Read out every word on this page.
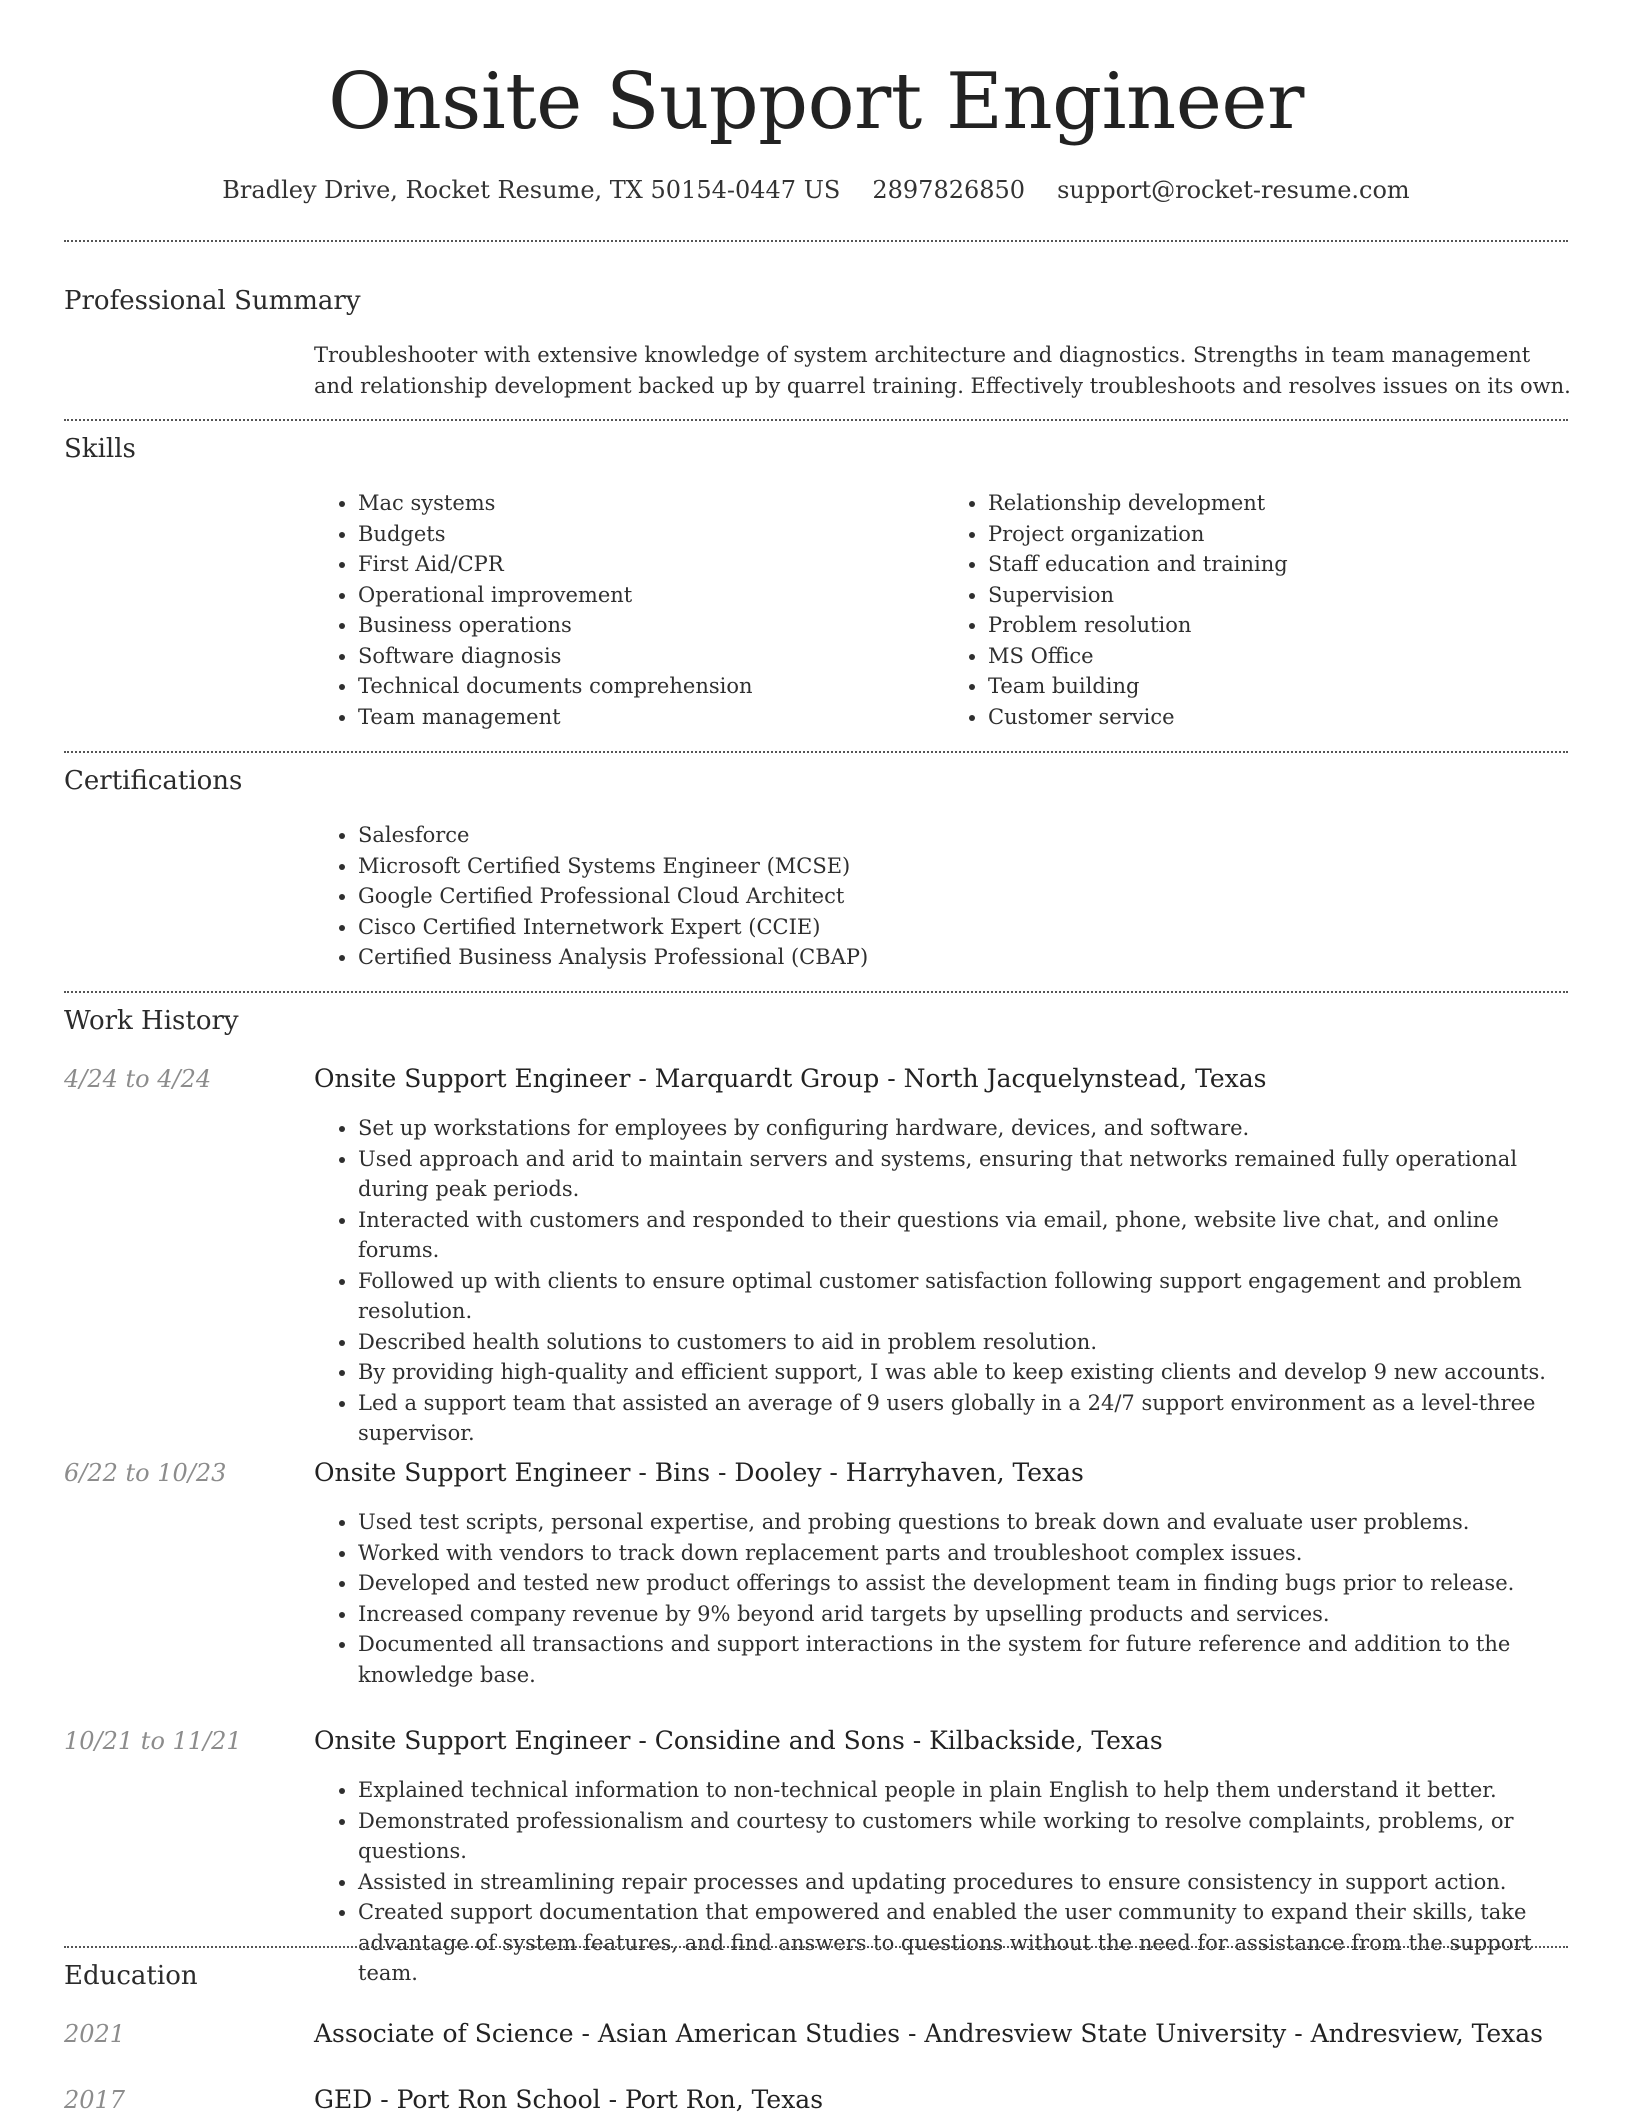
Onsite Support Engineer
Bradley Drive, Rocket Resume, TX 50154-0447 US 2897826850 support@rocket-resume.com
Professional Summary

Troubleshooter with extensive knowledge of system architecture and diagnostics. Strengths in team management and relationship development backed up by quarrel training. Effectively troubleshoots and resolves issues on its own.

Skills
• Mac systems
• Budgets
• First Aid/CPR
• Operational improvement
• Business operations
• Software diagnosis
• Technical documents comprehension
• Team management
• Relationship development
• Project organization
• Staff education and training
• Supervision
• Problem resolution
• MS Office
• Team building
• Customer service
Certifications
• Salesforce
• Microsoft Certified Systems Engineer (MCSE)
• Google Certified Professional Cloud Architect
• Cisco Certified Internetwork Expert (CCIE)
• Certified Business Analysis Professional (CBAP)
Work History
4/24 to 4/24	Onsite Support Engineer - Marquardt Group - North Jacquelynstead, Texas
• Set up workstations for employees by configuring hardware, devices, and software.
• Used approach and arid to maintain servers and systems, ensuring that networks remained fully operational during peak periods.
• Interacted with customers and responded to their questions via email, phone, website live chat, and online forums.
• Followed up with clients to ensure optimal customer satisfaction following support engagement and problem resolution.
• Described health solutions to customers to aid in problem resolution.
• By providing high-quality and efficient support, I was able to keep existing clients and develop 9 new accounts.
• Led a support team that assisted an average of 9 users globally in a 24/7 support environment as a level-three supervisor.
6/22 to 10/23	Onsite Support Engineer - Bins - Dooley - Harryhaven, Texas
• Used test scripts, personal expertise, and probing questions to break down and evaluate user problems.
• Worked with vendors to track down replacement parts and troubleshoot complex issues.
• Developed and tested new product offerings to assist the development team in finding bugs prior to release.
• Increased company revenue by 9% beyond arid targets by upselling products and services.
• Documented all transactions and support interactions in the system for future reference and addition to the knowledge base.
10/21 to 11/21	Onsite Support Engineer - Considine and Sons - Kilbackside, Texas
• Explained technical information to non-technical people in plain English to help them understand it better.
• Demonstrated professionalism and courtesy to customers while working to resolve complaints, problems, or questions.
• Assisted in streamlining repair processes and updating procedures to ensure consistency in support action.
• Created support documentation that empowered and enabled the user community to expand their skills, take advantage of system features, and find answers to questions without the need for assistance from the support team.
Education
2021	Associate of Science - Asian American Studies - Andresview State University - Andresview, Texas
2017	GED - Port Ron School - Port Ron, Texas
